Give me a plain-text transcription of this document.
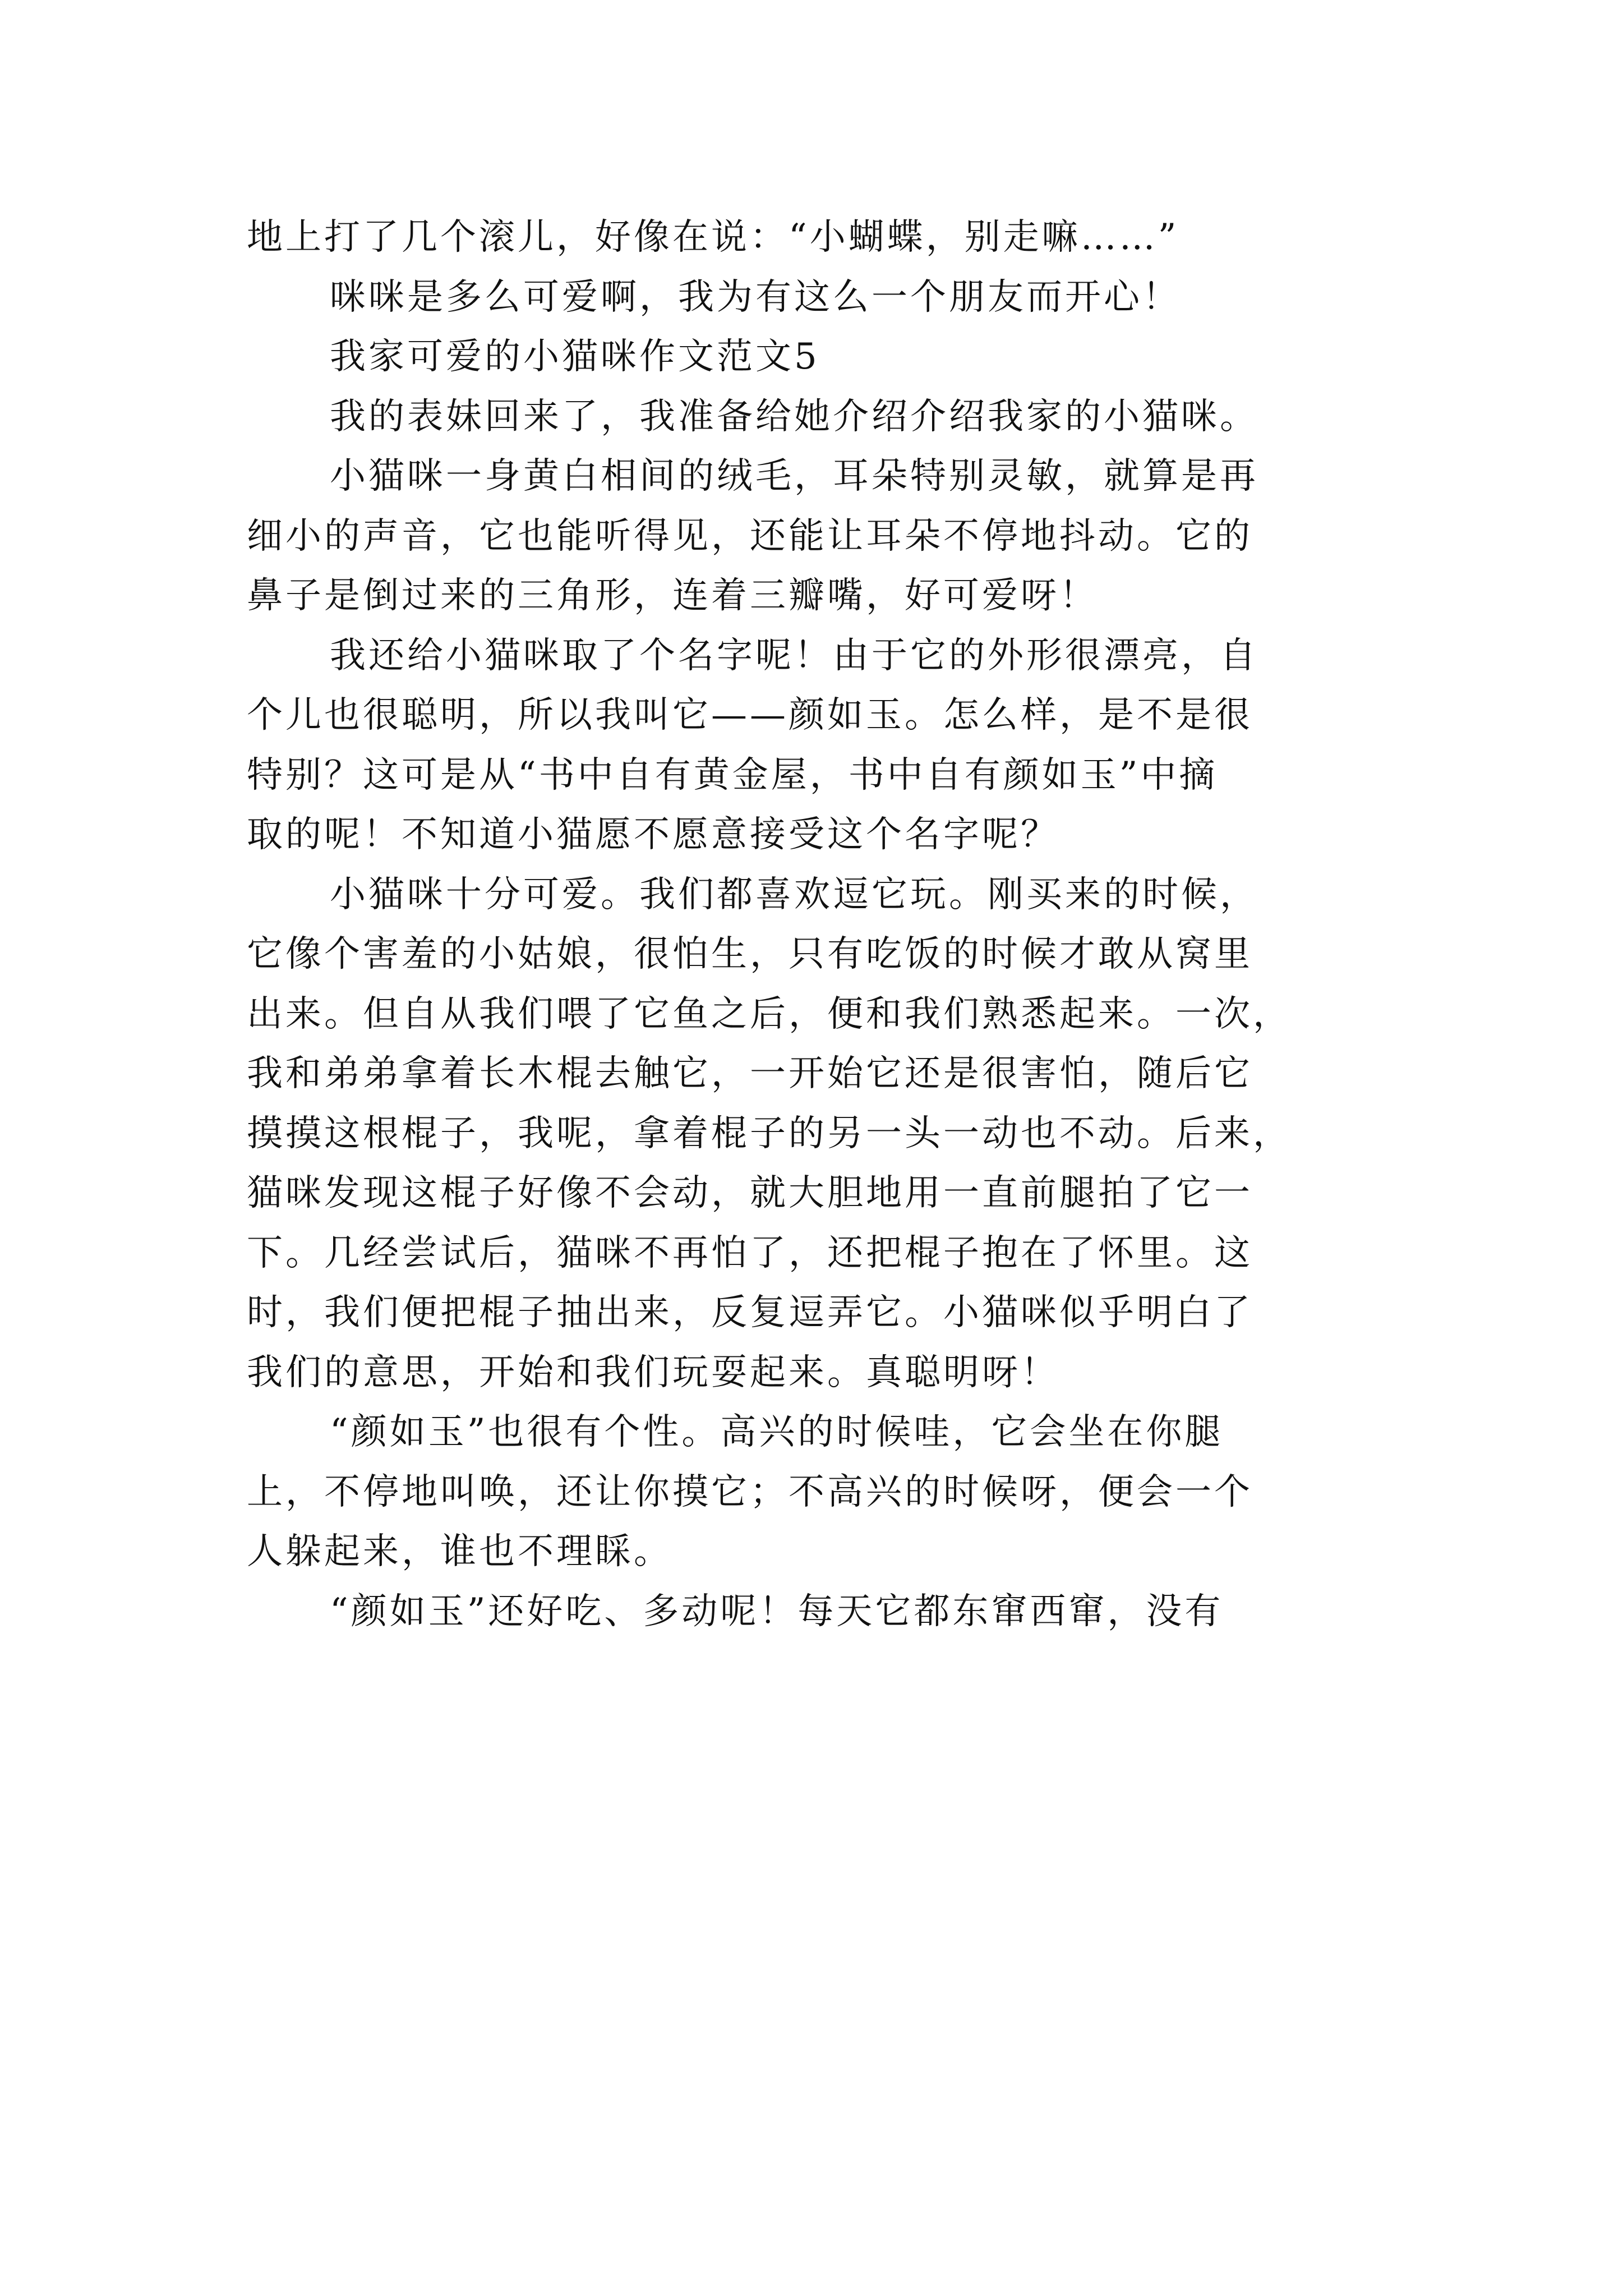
地上打了几个滚儿，好像在说：“小蝴蝶，别走嘛……”
咪咪是多么可爱啊，我为有这么一个朋友而开心！
我家可爱的小猫咪作文范文5
我的表妹回来了，我准备给她介绍介绍我家的小猫咪。
小猫咪一身黄白相间的绒毛，耳朵特别灵敏，就算是再
细小的声音，它也能听得见，还能让耳朵不停地抖动。它的
鼻子是倒过来的三角形，连着三瓣嘴，好可爱呀！
我还给小猫咪取了个名字呢！由于它的外形很漂亮，自
个儿也很聪明，所以我叫它——颜如玉。怎么样，是不是很
特别？这可是从“书中自有黄金屋，书中自有颜如玉”中摘
取的呢！不知道小猫愿不愿意接受这个名字呢？
小猫咪十分可爱。我们都喜欢逗它玩。刚买来的时候，
它像个害羞的小姑娘，很怕生，只有吃饭的时候才敢从窝里
出来。但自从我们喂了它鱼之后，便和我们熟悉起来。一次，
我和弟弟拿着长木棍去触它，一开始它还是很害怕，随后它
摸摸这根棍子，我呢，拿着棍子的另一头一动也不动。后来，
猫咪发现这棍子好像不会动，就大胆地用一直前腿拍了它一
下。几经尝试后，猫咪不再怕了，还把棍子抱在了怀里。这
时，我们便把棍子抽出来，反复逗弄它。小猫咪似乎明白了
我们的意思，开始和我们玩耍起来。真聪明呀！
“颜如玉”也很有个性。高兴的时候哇，它会坐在你腿
上，不停地叫唤，还让你摸它；不高兴的时候呀，便会一个
人躲起来，谁也不理睬。
“颜如玉”还好吃、多动呢！每天它都东窜西窜，没有
